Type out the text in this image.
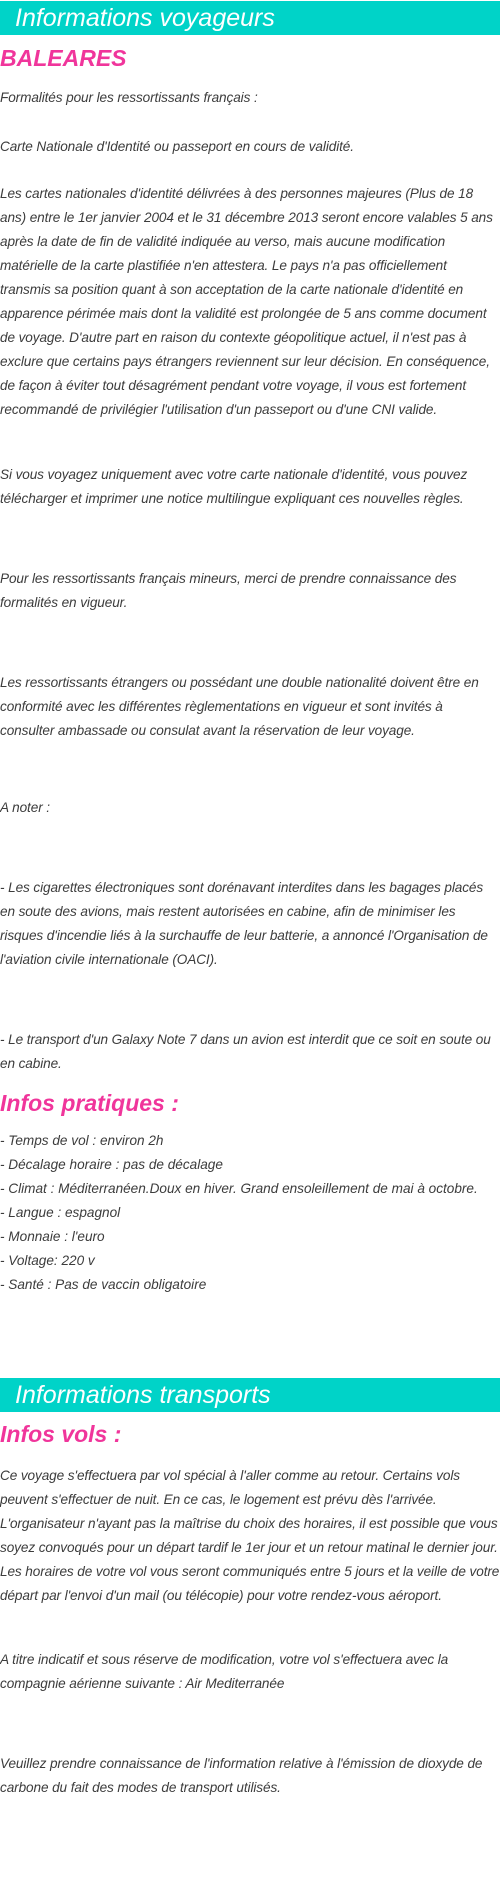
Informations voyageurs
BALEARES

Formalités pour les ressortissants français :

Carte Nationale d'Identité ou passeport en cours de validité.

Les cartes nationales d'identité délivrées à des personnes majeures (Plus de 18 ans) entre le 1er janvier 2004 et le 31 décembre 2013 seront encore valables 5 ans après la date de fin de validité indiquée au verso, mais aucune modification matérielle de la carte plastifiée n'en attestera. Le pays n'a pas officiellement transmis sa position quant à son acceptation de la carte nationale d'identité en apparence périmée mais dont la validité est prolongée de 5 ans comme document de voyage. D'autre part en raison du contexte géopolitique actuel, il n'est pas à exclure que certains pays étrangers reviennent sur leur décision. En conséquence, de façon à éviter tout désagrément pendant votre voyage, il vous est fortement recommandé de privilégier l'utilisation d'un passeport ou d'une CNI valide.

Si vous voyagez uniquement avec votre carte nationale d'identité, vous pouvez télécharger et imprimer une notice multilingue expliquant ces nouvelles règles.

Pour les ressortissants français mineurs, merci de prendre connaissance des formalités en vigueur.

Les ressortissants étrangers ou possédant une double nationalité doivent être en conformité avec les différentes règlementations en vigueur et sont invités à consulter ambassade ou consulat avant la réservation de leur voyage.

A noter :

- Les cigarettes électroniques sont dorénavant interdites dans les bagages placés en soute des avions, mais restent autorisées en cabine, afin de minimiser les risques d'incendie liés à la surchauffe de leur batterie, a annoncé l'Organisation de l'aviation civile internationale (OACI).

- Le transport d'un Galaxy Note 7 dans un avion est interdit que ce soit en soute ou en cabine.

Infos pratiques :
- Temps de vol : environ 2h
- Décalage horaire : pas de décalage
- Climat : Méditerranéen.Doux en hiver. Grand ensoleillement de mai à octobre.
- Langue : espagnol
- Monnaie : l'euro
- Voltage: 220 v
- Santé : Pas de vaccin obligatoire
Informations transports
Infos vols :

Ce voyage s'effectuera par vol spécial à l'aller comme au retour. Certains vols peuvent s'effectuer de nuit. En ce cas, le logement est prévu dès l'arrivée. L'organisateur n'ayant pas la maîtrise du choix des horaires, il est possible que vous soyez convoqués pour un départ tardif le 1er jour et un retour matinal le dernier jour. Les horaires de votre vol vous seront communiqués entre 5 jours et la veille de votre départ par l'envoi d'un mail (ou télécopie) pour votre rendez-vous aéroport.

A titre indicatif et sous réserve de modification, votre vol s'effectuera avec la compagnie aérienne suivante : Air Mediterranée

Veuillez prendre connaissance de l'information relative à l'émission de dioxyde de carbone du fait des modes de transport utilisés.
